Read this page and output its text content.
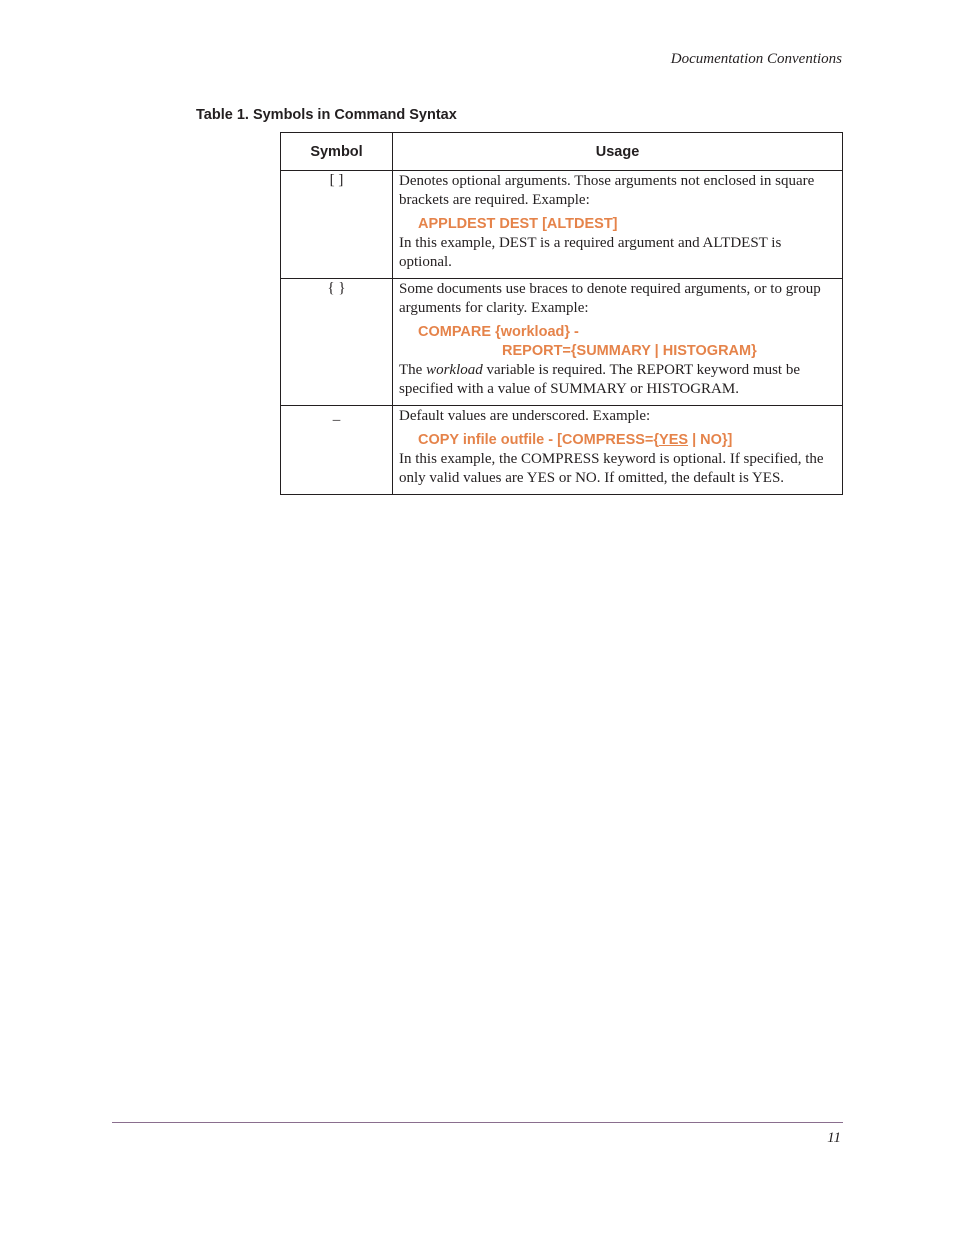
Documentation Conventions
Table 1. Symbols in Command Syntax
Symbol	Usage
[ ]	Denotes optional arguments. Those arguments not enclosed in square brackets are required. Example:

APPLDEST DEST [ALTDEST]

In this example, DEST is a required argument and ALTDEST is optional.

{ }	Some documents use braces to denote required arguments, or to group arguments for clarity. Example:

COMPARE {workload} -
REPORT={SUMMARY | HISTOGRAM}

The workload variable is required. The REPORT keyword must be specified with a value of SUMMARY or HISTOGRAM.

_	Default values are underscored. Example:

COPY infile outfile - [COMPRESS={YES | NO}]

In this example, the COMPRESS keyword is optional. If specified, the only valid values are YES or NO. If omitted, the default is YES.

11
